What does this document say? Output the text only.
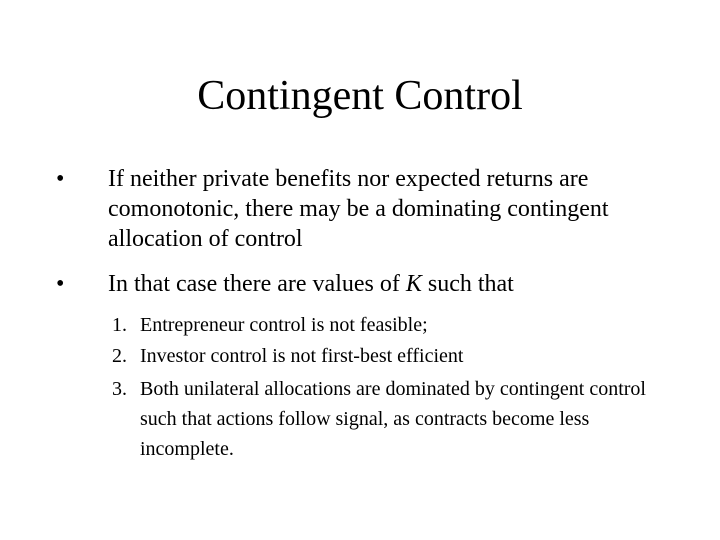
Contingent Control
• If neither private benefits nor expected returns are comonotonic, there may be a dominating contingent allocation of control
• In that case there are values of K such that
1. Entrepreneur control is not feasible;
2. Investor control is not first-best efficient
3. Both unilateral allocations are dominated by contingent control such that actions follow signal, as contracts become less incomplete.
